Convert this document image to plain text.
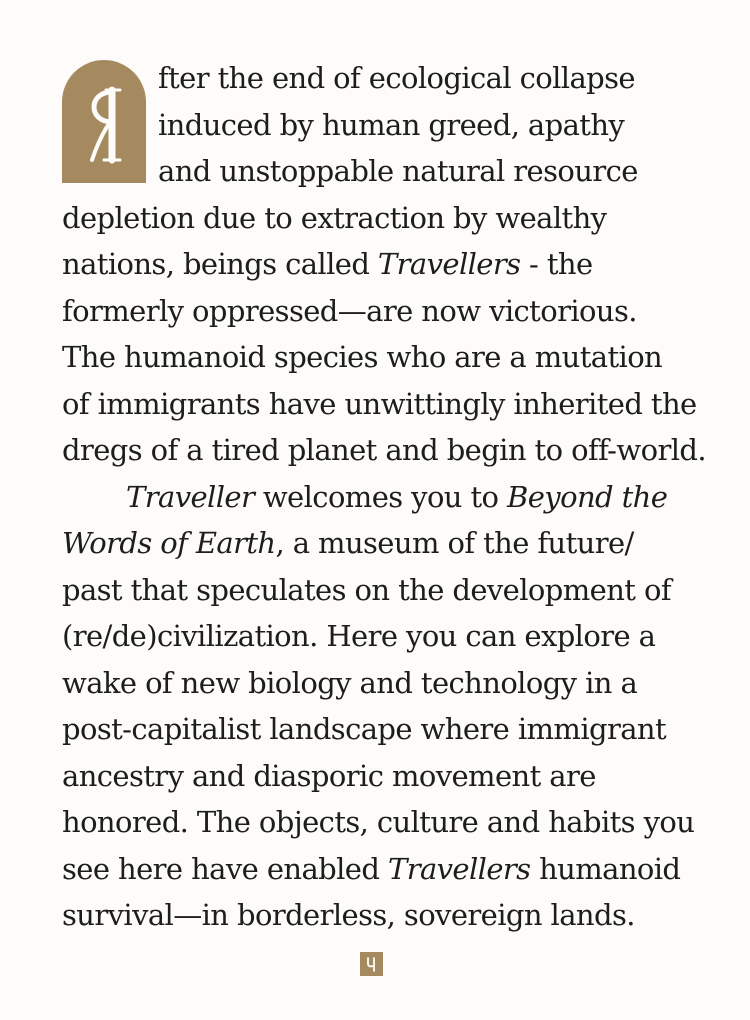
fter the end of ecological collapse
induced by human greed, apathy
and unstoppable natural resource
depletion due to extraction by wealthy
nations, beings called Travellers - the
formerly oppressed—are now victorious.
The humanoid species who are a mutation
of immigrants have unwittingly inherited the
dregs of a tired planet and begin to off-world.
Traveller welcomes you to Beyond the
Words of Earth, a museum of the future/
past that speculates on the development of
(re/de)civilization. Here you can explore a
wake of new biology and technology in a
post-capitalist landscape where immigrant
ancestry and diasporic movement are
honored. The objects, culture and habits you
see here have enabled Travellers humanoid
survival—in borderless, sovereign lands.
